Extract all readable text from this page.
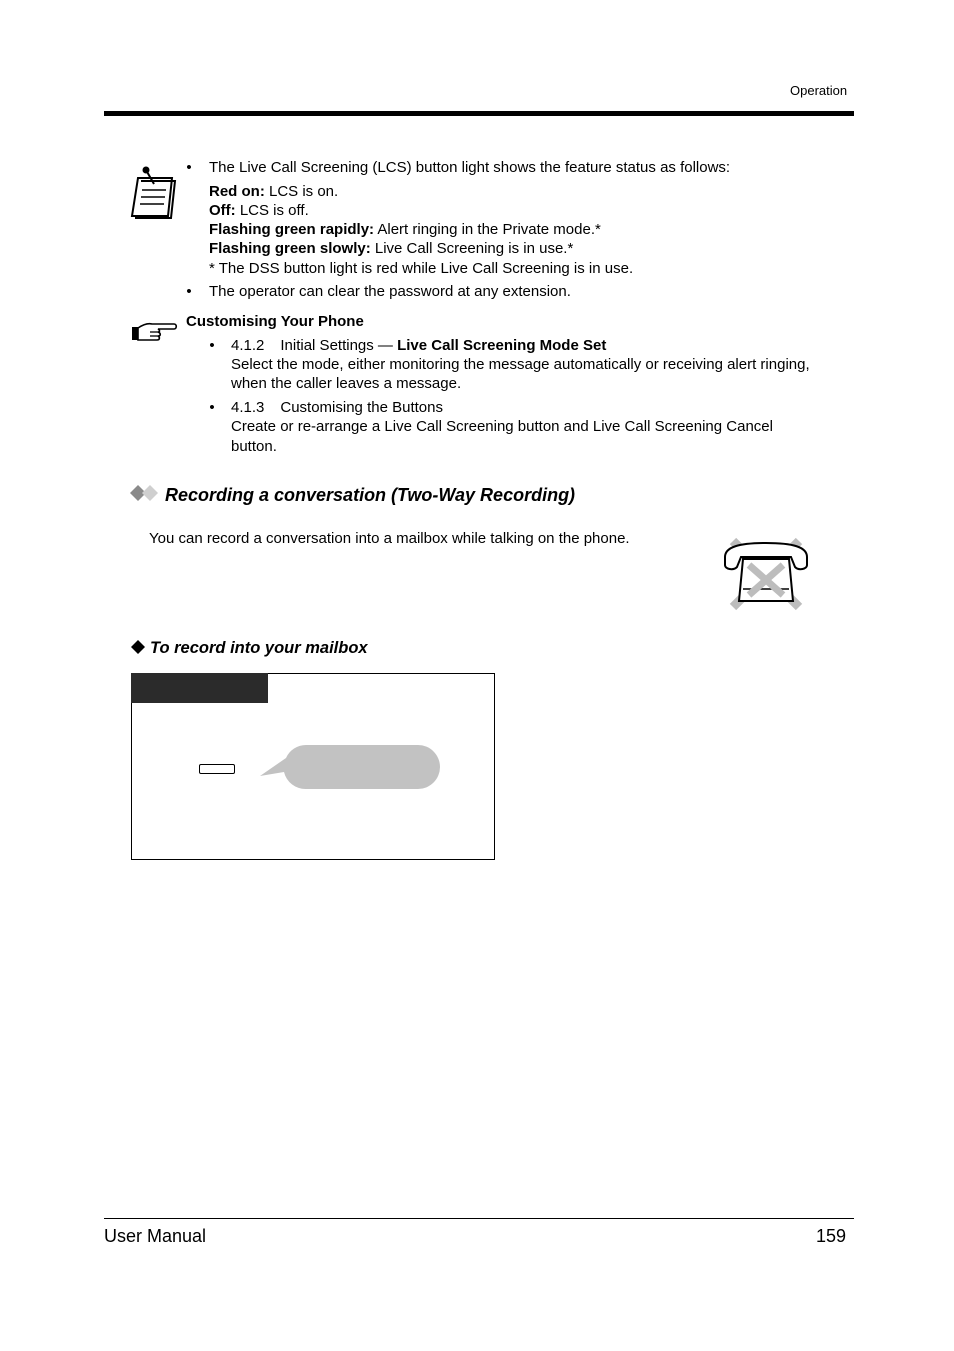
Operation
• The Live Call Screening (LCS) button light shows the feature status as follows:
Red on: LCS is on.
Off: LCS is off.
Flashing green rapidly: Alert ringing in the Private mode.*
Flashing green slowly: Live Call Screening is in use.*
* The DSS button light is red while Live Call Screening is in use.
• The operator can clear the password at any extension.
Customising Your Phone
• 4.1.2 Initial Settings — Live Call Screening Mode Set
Select the mode, either monitoring the message automatically or receiving alert ringing,
when the caller leaves a message.
• 4.1.3 Customising the Buttons
Create or re-arrange a Live Call Screening button and Live Call Screening Cancel
button.
Recording a conversation (Two-Way Recording)
You can record a conversation into a mailbox while talking on the phone.
To record into your mailbox
User Manual	159
